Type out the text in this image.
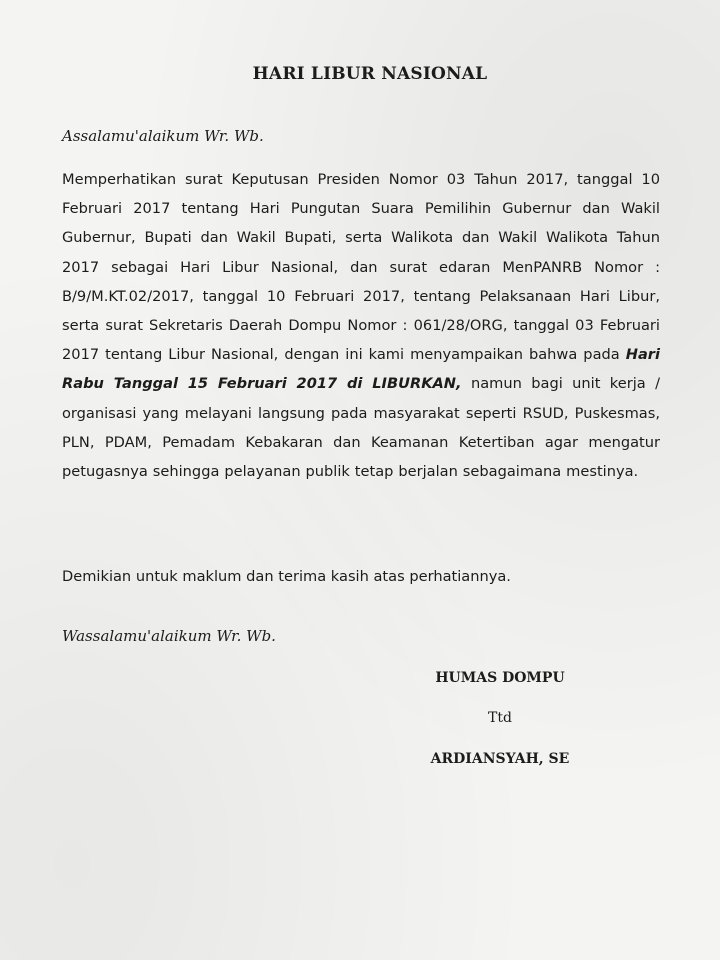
HARI LIBUR NASIONAL
Assalamu'alaikum Wr. Wb.
Memperhatikan surat Keputusan Presiden Nomor 03 Tahun 2017, tanggal 10 Februari 2017 tentang Hari Pungutan Suara Pemilihin Gubernur dan Wakil Gubernur, Bupati dan Wakil Bupati, serta Walikota dan Wakil Walikota Tahun 2017 sebagai Hari Libur Nasional, dan surat edaran MenPANRB Nomor : B/9/M.KT.02/2017, tanggal 10 Februari 2017, tentang Pelaksanaan Hari Libur, serta surat Sekretaris Daerah Dompu Nomor : 061/28/ORG, tanggal 03 Februari 2017 tentang Libur Nasional, dengan ini kami menyampaikan bahwa pada Hari Rabu Tanggal 15 Februari 2017 di LIBURKAN, namun bagi unit kerja / organisasi yang melayani langsung pada masyarakat seperti RSUD, Puskesmas, PLN, PDAM, Pemadam Kebakaran dan Keamanan Ketertiban agar mengatur petugasnya sehingga pelayanan publik tetap berjalan sebagaimana mestinya.
Demikian untuk maklum dan terima kasih atas perhatiannya.
Wassalamu'alaikum Wr. Wb.
HUMAS DOMPU
Ttd
ARDIANSYAH, SE
